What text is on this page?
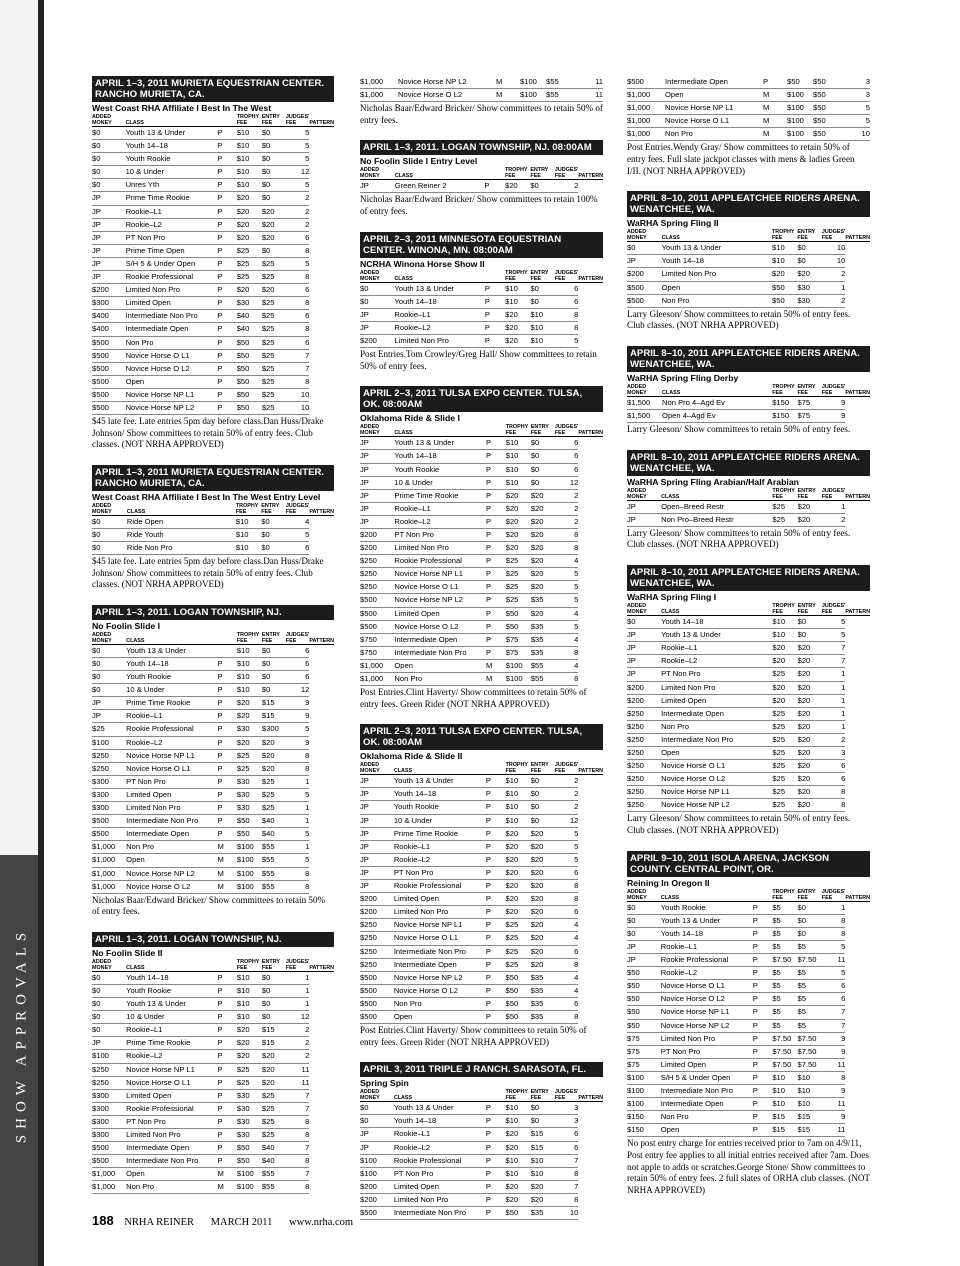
SHOW APPROVALS
APRIL 1–3, 2011 MURIETA EQUESTRIAN CENTER. RANCHO MURIETA, CA.
West Coast RHA Affiliate I Best In The West
ADDED MONEY	CLASS		TROPHY FEE	ENTRY FEE	JUDGES' FEE	PATTERN
$0	Youth 13 & Under	P	$10	$0	5	
$0	Youth 14–18	P	$10	$0	5	
$0	Youth Rookie	P	$10	$0	5	
$0	10 & Under	P	$10	$0	12	
$0	Unres Yth	P	$10	$0	5	
JP	Prime Time Rookie	P	$20	$0	2	
JP	Rookie–L1	P	$20	$20	2	
JP	Rookie–L2	P	$20	$20	2	
JP	PT Non Pro	P	$20	$20	6	
JP	Prime Time Open	P	$25	$0	8	
JP	S/H 5 & Under Open	P	$25	$25	5	
JP	Rookie Professional	P	$25	$25	8	
$200	Limited Non Pro	P	$20	$20	6	
$300	Limited Open	P	$30	$25	8	
$400	Intermediate Non Pro	P	$40	$25	6	
$400	Intermediate Open	P	$40	$25	8	
$500	Non Pro	P	$50	$25	6	
$500	Novice Horse O L1	P	$50	$25	7	
$500	Novice Horse O L2	P	$50	$25	7	
$500	Open	P	$50	$25	8	
$500	Novice Horse NP L1	P	$50	$25	10	
$500	Novice Horse NP L2	P	$50	$25	10	
$45 late fee. Late entries 5pm day before class.Dan Huss/Drake Johnson/ Show committees to retain 50% of entry fees. Club classes. (NOT NRHA APPROVED)
APRIL 1–3, 2011 MURIETA EQUESTRIAN CENTER. RANCHO MURIETA, CA.
West Coast RHA Affiliate I Best In The West Entry Level
ADDED MONEY	CLASS		TROPHY FEE	ENTRY FEE	JUDGES' FEE	PATTERN
$0	Ride Open		$10	$0	4	
$0	Ride Youth		$10	$0	5	
$0	Ride Non Pro		$10	$0	6	
$45 late fee. Late entries 5pm day before class.Dan Huss/Drake Johnson/ Show committees to retain 50% of entry fees. Club classes. (NOT NRHA APPROVED)
APRIL 1–3, 2011. LOGAN TOWNSHIP, NJ.
No Foolin Slide I
ADDED MONEY	CLASS		TROPHY FEE	ENTRY FEE	JUDGES' FEE	PATTERN
$0	Youth 13 & Under		$10	$0	6	
$0	Youth 14–18	P	$10	$0	6	
$0	Youth Rookie	P	$10	$0	6	
$0	10 & Under	P	$10	$0	12	
JP	Prime Time Rookie	P	$20	$15	9	
JP	Rookie–L1	P	$20	$15	9	
$25	Rookie Professional	P	$30	$300	5	
$100	Rookie–L2	P	$20	$20	9	
$250	Novice Horse NP L1	P	$25	$20	8	
$250	Novice Horse O L1	P	$25	$20	8	
$300	PT Non Pro	P	$30	$25	1	
$300	Limited Open	P	$30	$25	5	
$300	Limited Non Pro	P	$30	$25	1	
$500	Intermediate Non Pro	P	$50	$40	1	
$500	Intermediate Open	P	$50	$40	5	
$1,000	Non Pro	M	$100	$55	1	
$1,000	Open	M	$100	$55	5	
$1,000	Novice Horse NP L2	M	$100	$55	8	
$1,000	Novice Horse O L2	M	$100	$55	8	
Nicholas Baar/Edward Bricker/ Show committees to retain 50% of entry fees.
APRIL 1–3, 2011. LOGAN TOWNSHIP, NJ.
No Foolin Slide II
ADDED MONEY	CLASS		TROPHY FEE	ENTRY FEE	JUDGES' FEE	PATTERN
$0	Youth 14–18	P	$10	$0	1	
$0	Youth Rookie	P	$10	$0	1	
$0	Youth 13 & Under	P	$10	$0	1	
$0	10 & Under	P	$10	$0	12	
$0	Rookie–L1	P	$20	$15	2	
JP	Prime Time Rookie	P	$20	$15	2	
$100	Rookie–L2	P	$20	$20	2	
$250	Novice Horse NP L1	P	$25	$20	11	
$250	Novice Horse O L1	P	$25	$20	11	
$300	Limited Open	P	$30	$25	7	
$300	Rookie Professional	P	$30	$25	7	
$300	PT Non Pro	P	$30	$25	8	
$300	Limited Non Pro	P	$30	$25	8	
$500	Intermediate Open	P	$50	$40	7	
$500	Intermediate Non Pro	P	$50	$40	8	
$1,000	Open	M	$100	$55	7	
$1,000	Non Pro	M	$100	$55	8	
$1,000	Novice Horse NP L2	M	$100	$55	11
$1,000	Novice Horse O L2	M	$100	$55	11
Nicholas Baar/Edward Bricker/ Show committees to retain 50% of entry fees.
APRIL 1–3, 2011. LOGAN TOWNSHIP, NJ. 08:00AM
No Foolin Slide I Entry Level
ADDED MONEY	CLASS		TROPHY FEE	ENTRY FEE	JUDGES' FEE	PATTERN
JP	Green Reiner 2	P	$20	$0	2	
Nicholas Baar/Edward Bricker/ Show committees to retain 100% of entry fees.
APRIL 2–3, 2011 MINNESOTA EQUESTRIAN CENTER. WINONA, MN. 08:00AM
NCRHA Winona Horse Show II
ADDED MONEY	CLASS		TROPHY FEE	ENTRY FEE	JUDGES' FEE	PATTERN
$0	Youth 13 & Under	P	$10	$0	6	
$0	Youth 14–18	P	$10	$0	6	
JP	Rookie–L1	P	$20	$10	8	
JP	Rookie–L2	P	$20	$10	8	
$200	Limited Non Pro	P	$20	$10	5	
Post Entries.Tom Crowley/Greg Hall/ Show committees to retain 50% of entry fees.
APRIL 2–3, 2011 TULSA EXPO CENTER. TULSA, OK. 08:00AM
Oklahoma Ride & Slide I
ADDED MONEY	CLASS		TROPHY FEE	ENTRY FEE	JUDGES' FEE	PATTERN
JP	Youth 13 & Under	P	$10	$0	6	
JP	Youth 14–18	P	$10	$0	6	
JP	Youth Rookie	P	$10	$0	6	
JP	10 & Under	P	$10	$0	12	
JP	Prime Time Rookie	P	$20	$20	2	
JP	Rookie–L1	P	$20	$20	2	
JP	Rookie–L2	P	$20	$20	2	
$200	PT Non Pro	P	$20	$20	8	
$200	Limited Non Pro	P	$20	$20	8	
$250	Rookie Professional	P	$25	$20	4	
$250	Novice Horse NP L1	P	$25	$20	5	
$250	Novice Horse O L1	P	$25	$20	5	
$500	Novice Horse NP L2	P	$25	$35	5	
$500	Limited Open	P	$50	$20	4	
$500	Novice Horse O L2	P	$50	$35	5	
$750	Intermediate Open	P	$75	$35	4	
$750	Intermediate Non Pro	P	$75	$35	8	
$1,000	Open	M	$100	$55	4	
$1,000	Non Pro	M	$100	$55	8	
Post Entries.Clint Haverty/ Show committees to retain 50% of entry fees. Green Rider (NOT NRHA APPROVED)
APRIL 2–3, 2011 TULSA EXPO CENTER. TULSA, OK. 08:00AM
Oklahoma Ride & Slide II
ADDED MONEY	CLASS		TROPHY FEE	ENTRY FEE	JUDGES' FEE	PATTERN
JP	Youth 13 & Under	P	$10	$0	2	
JP	Youth 14–18	P	$10	$0	2	
JP	Youth Rookie	P	$10	$0	2	
JP	10 & Under	P	$10	$0	12	
JP	Prime Time Rookie	P	$20	$20	5	
JP	Rookie–L1	P	$20	$20	5	
JP	Rookie–L2	P	$20	$20	5	
JP	PT Non Pro	P	$20	$20	6	
JP	Rookie Professional	P	$20	$20	8	
$200	Limited Open	P	$20	$20	8	
$200	Limited Non Pro	P	$20	$20	6	
$250	Novice Horse NP L1	P	$25	$20	4	
$250	Novice Horse O L1	P	$25	$20	4	
$250	Intermediate Non Pro	P	$25	$20	6	
$250	Intermediate Open	P	$25	$20	8	
$500	Novice Horse NP L2	P	$50	$35	4	
$500	Novice Horse O L2	P	$50	$35	4	
$500	Non Pro	P	$50	$35	6	
$500	Open	P	$50	$35	8	
Post Entries.Clint Haverty/ Show committees to retain 50% of entry fees. Green Rider (NOT NRHA APPROVED)
APRIL 3, 2011 TRIPLE J RANCH. SARASOTA, FL.
Spring Spin
ADDED MONEY	CLASS		TROPHY FEE	ENTRY FEE	JUDGES' FEE	PATTERN
$0	Youth 13 & Under	P	$10	$0	3	
$0	Youth 14–18	P	$10	$0	3	
JP	Rookie–L1	P	$20	$15	6	
JP	Rookie–L2	P	$20	$15	6	
$100	Rookie Professional	P	$10	$10	7	
$100	PT Non Pro	P	$10	$10	8	
$200	Limited Open	P	$20	$20	7	
$200	Limited Non Pro	P	$20	$20	8	
$500	Intermediate Non Pro	P	$50	$35	10	
$500	Intermediate Open	P	$50	$50	3
$1,000	Open	M	$100	$50	3
$1,000	Novice Horse NP L1	M	$100	$50	5
$1,000	Novice Horse O L1	M	$100	$50	5
$1,000	Non Pro	M	$100	$50	10
Post Entries.Wendy Gray/ Show committees to retain 50% of entry fees. Full slate jackpot classes with mens & ladies Green I/II. (NOT NRHA APPROVED)
APRIL 8–10, 2011 APPLEATCHEE RIDERS ARENA. WENATCHEE, WA.
WaRHA Spring Fling II
ADDED MONEY	CLASS		TROPHY FEE	ENTRY FEE	JUDGES' FEE	PATTERN
$0	Youth 13 & Under		$10	$0	10	
JP	Youth 14–18		$10	$0	10	
$200	Limited Non Pro		$20	$20	2	
$500	Open		$50	$30	1	
$500	Non Pro		$50	$30	2	
Larry Gleeson/ Show committees to retain 50% of entry fees. Club classes. (NOT NRHA APPROVED)
APRIL 8–10, 2011 APPLEATCHEE RIDERS ARENA. WENATCHEE, WA.
WaRHA Spring Fling Derby
ADDED MONEY	CLASS		TROPHY FEE	ENTRY FEE	JUDGES' FEE	PATTERN
$1,500	Non Pro 4–Agd Ev		$150	$75	9	
$1,500	Open 4–Agd Ev		$150	$75	9	
Larry Gleeson/ Show committees to retain 50% of entry fees.
APRIL 8–10, 2011 APPLEATCHEE RIDERS ARENA. WENATCHEE, WA.
WaRHA Spring Fling Arabian/Half Arabian
ADDED MONEY	CLASS		TROPHY FEE	ENTRY FEE	JUDGES' FEE	PATTERN
JP	Open–Breed Restr		$25	$20	1	
JP	Non Pro–Breed Restr		$25	$20	2	
Larry Gleeson/ Show committees to retain 50% of entry fees. Club classes. (NOT NRHA APPROVED)
APRIL 8–10, 2011 APPLEATCHEE RIDERS ARENA. WENATCHEE, WA.
WaRHA Spring Fling I
ADDED MONEY	CLASS		TROPHY FEE	ENTRY FEE	JUDGES' FEE	PATTERN
$0	Youth 14–18		$10	$0	5	
JP	Youth 13 & Under		$10	$0	5	
JP	Rookie–L1		$20	$20	7	
JP	Rookie–L2		$20	$20	7	
JP	PT Non Pro		$25	$20	1	
$200	Limited Non Pro		$20	$20	1	
$200	Limited Open		$20	$20	1	
$250	Intermediate Open		$25	$20	1	
$250	Non Pro		$25	$20	1	
$250	Intermediate Non Pro		$25	$20	2	
$250	Open		$25	$20	3	
$250	Novice Horse O L1		$25	$20	6	
$250	Novice Horse O L2		$25	$20	6	
$250	Novice Horse NP L1		$25	$20	8	
$250	Novice Horse NP L2		$25	$20	8	
Larry Gleeson/ Show committees to retain 50% of entry fees. Club classes. (NOT NRHA APPROVED)
APRIL 9–10, 2011 ISOLA ARENA, JACKSON COUNTY. CENTRAL POINT, OR.
Reining In Oregon II
ADDED MONEY	CLASS		TROPHY FEE	ENTRY FEE	JUDGES' FEE	PATTERN
$0	Youth Rookie	P	$5	$0	1	
$0	Youth 13 & Under	P	$5	$0	8	
$0	Youth 14–18	P	$5	$0	8	
JP	Rookie–L1	P	$5	$5	5	
JP	Rookie Professional	P	$7.50	$7.50	11	
$50	Rookie–L2	P	$5	$5	5	
$50	Novice Horse O L1	P	$5	$5	6	
$50	Novice Horse O L2	P	$5	$5	6	
$50	Novice Horse NP L1	P	$5	$5	7	
$50	Novice Horse NP L2	P	$5	$5	7	
$75	Limited Non Pro	P	$7.50	$7.50	9	
$75	PT Non Pro	P	$7.50	$7.50	9	
$75	Limited Open	P	$7.50	$7.50	11	
$100	S/H 5 & Under Open	P	$10	$10	8	
$100	Intermediate Non Pro	P	$10	$10	9	
$100	Intermediate Open	P	$10	$10	11	
$150	Non Pro	P	$15	$15	9	
$150	Open	P	$15	$15	11	
No post entry charge for entries received prior to 7am on 4/9/11, Post entry fee applies to all initial entries received after 7am. Does not apple to adds or scratches.George Stone/ Show committees to retain 50% of entry fees. 2 full slates of ORHA club classes. (NOT NRHA APPROVED)
188 NRHA REINER MARCH 2011 www.nrha.com
